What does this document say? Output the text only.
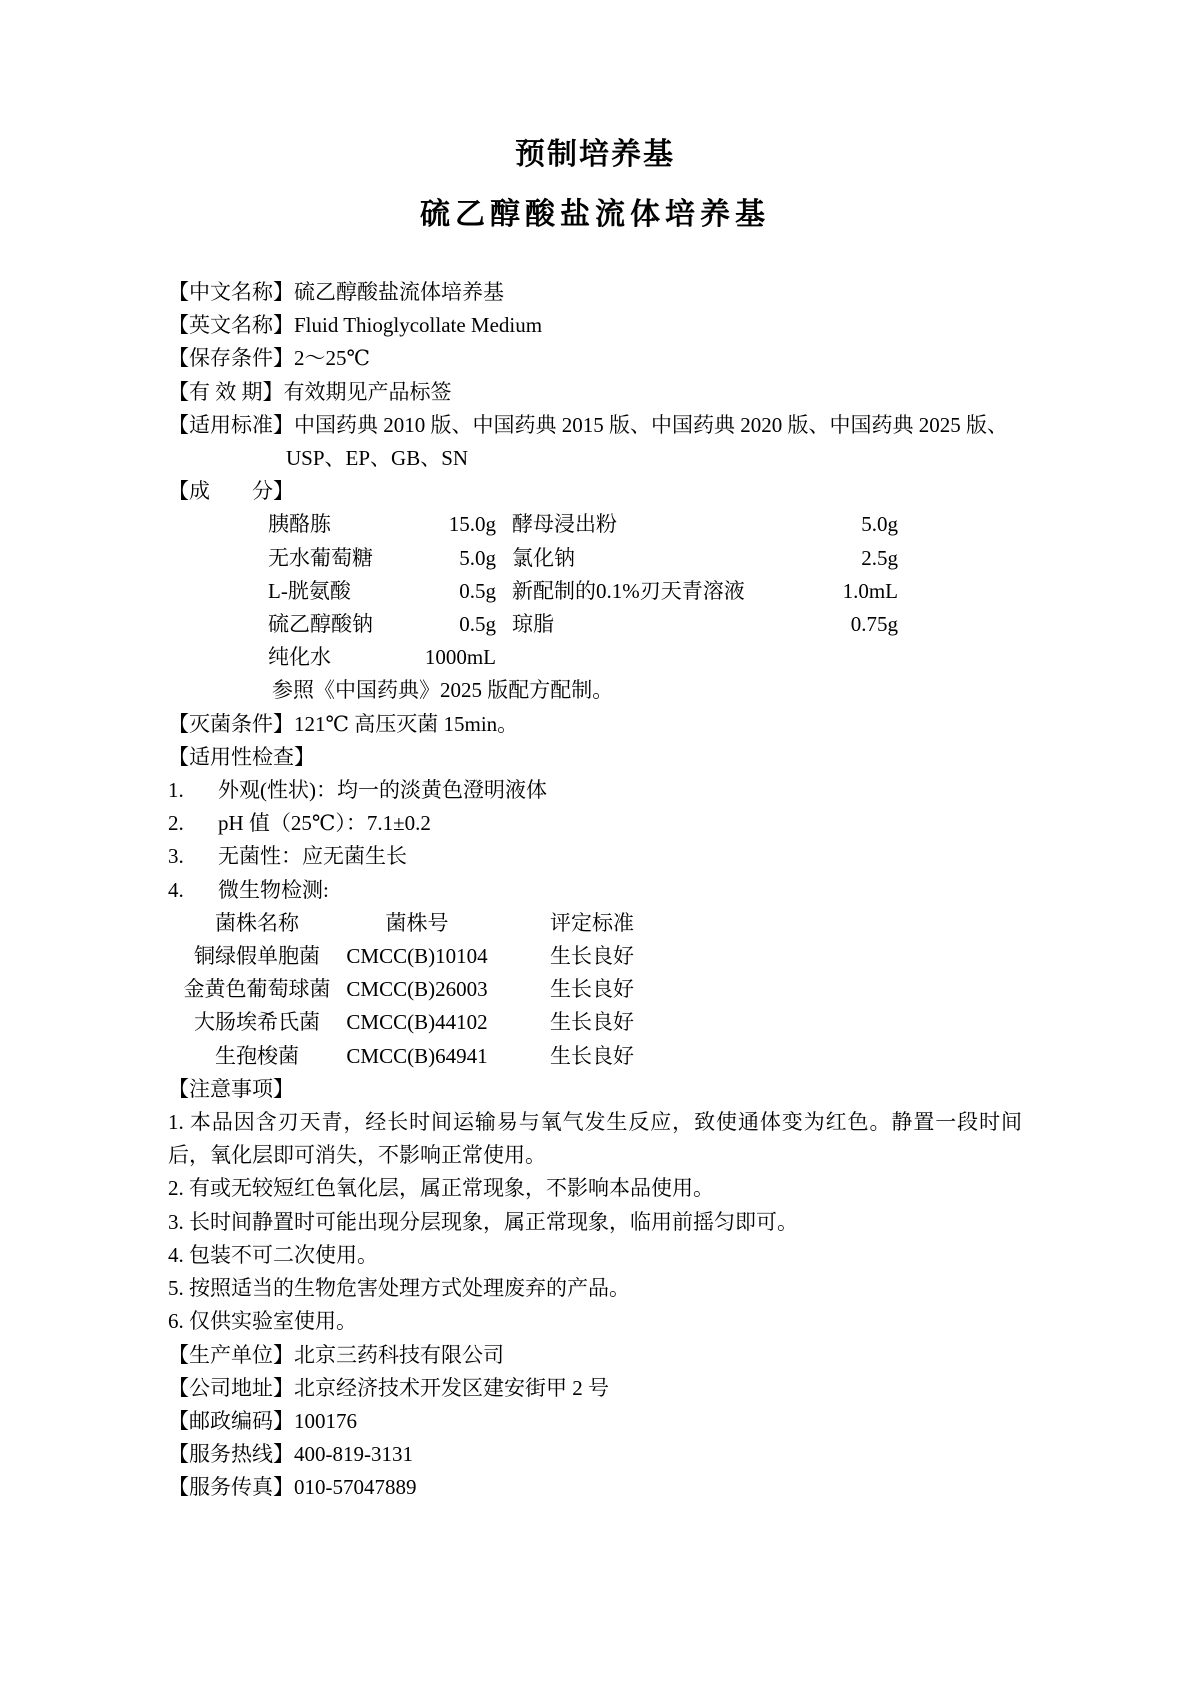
预制培养基
硫乙醇酸盐流体培养基
【中文名称】硫乙醇酸盐流体培养基
【英文名称】Fluid Thioglycollate Medium
【保存条件】2～25℃
【有 效 期】有效期见产品标签
【适用标准】中国药典 2010 版、中国药典 2015 版、中国药典 2020 版、中国药典 2025 版、
USP、EP、GB、SN
【成　　分】
胰酪胨	15.0g	酵母浸出粉	5.0g
无水葡萄糖	5.0g	氯化钠	2.5g
L-胱氨酸	0.5g	新配制的0.1%刃天青溶液	1.0mL
硫乙醇酸钠	0.5g	琼脂	0.75g
纯化水	1000mL		
参照《中国药典》2025 版配方配制。
【灭菌条件】121℃ 高压灭菌 15min。
【适用性检查】
1.	外观(性状)：均一的淡黄色澄明液体
2.	pH 值（25℃）：7.1±0.2
3.	无菌性：应无菌生长
4.	微生物检测:
菌株名称	菌株号	评定标准
铜绿假单胞菌	CMCC(B)10104	生长良好
金黄色葡萄球菌	CMCC(B)26003	生长良好
大肠埃希氏菌	CMCC(B)44102	生长良好
生孢梭菌	CMCC(B)64941	生长良好
【注意事项】

1. 本品因含刃天青，经长时间运输易与氧气发生反应，致使通体变为红色。静置一段时间后，氧化层即可消失，不影响正常使用。

2. 有或无较短红色氧化层，属正常现象，不影响本品使用。
3. 长时间静置时可能出现分层现象，属正常现象，临用前摇匀即可。
4. 包装不可二次使用。
5. 按照适当的生物危害处理方式处理废弃的产品。
6. 仅供实验室使用。
【生产单位】北京三药科技有限公司
【公司地址】北京经济技术开发区建安街甲 2 号
【邮政编码】100176
【服务热线】400-819-3131
【服务传真】010-57047889
